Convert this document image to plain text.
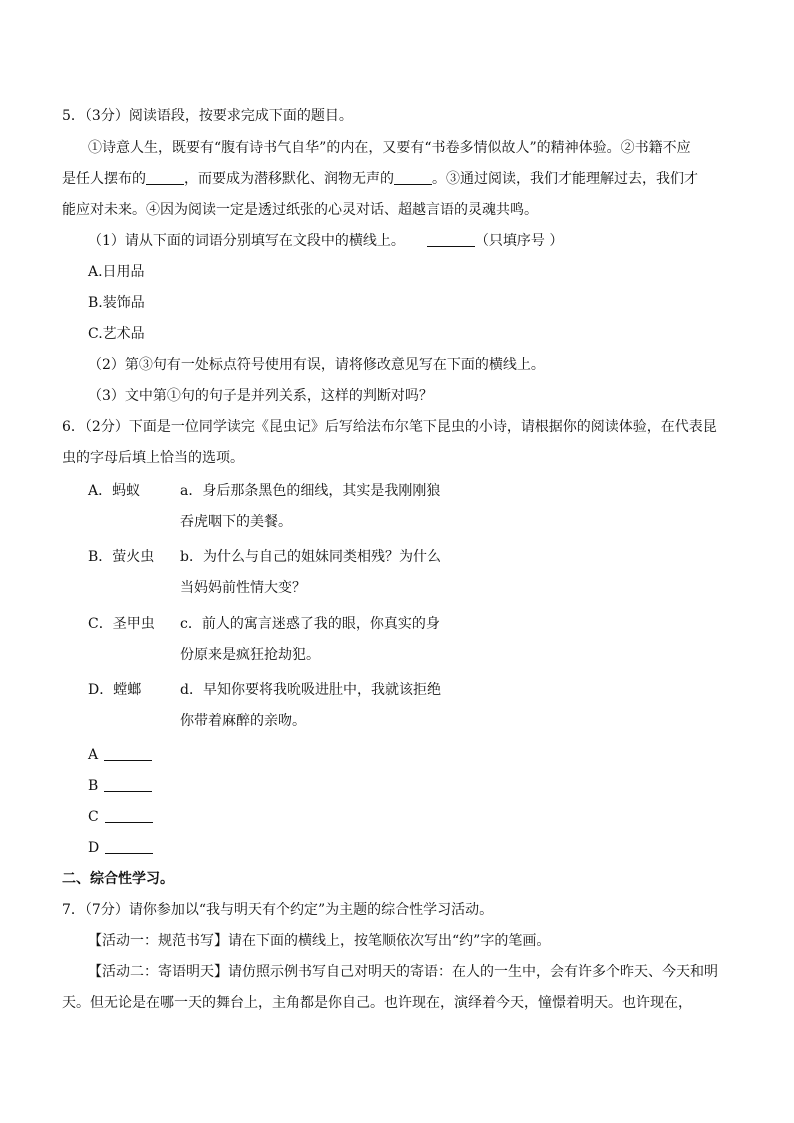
5．（3分）阅读语段，按要求完成下面的题目。
①诗意人生，既要有“腹有诗书气自华”的内在，又要有“书卷多情似故人”的精神体验。②书籍不应
是任人摆布的	，而要成为潜移默化、润物无声的	。③通过阅读，我们才能理解过去，我们才
能应对未来。④因为阅读一定是透过纸张的心灵对话、超越言语的灵魂共鸣。
（1）请从下面的词语分别填写在文段中的横线上。	（只填序号 ）
A.日用品
B.装饰品
C.艺术品
（2）第③句有一处标点符号使用有误，请将修改意见写在下面的横线上。
（3）文中第①句的句子是并列关系，这样的判断对吗？
6．（2分）下面是一位同学读完《昆虫记》后写给法布尔笔下昆虫的小诗，请根据你的阅读体验，在代表昆
虫的字母后填上恰当的选项。
A．蚂蚁	a．身后那条黑色的细线，其实是我刚刚狼
吞虎咽下的美餐。
B．萤火虫 b．为什么与自己的姐妹同类相残？为什么
当妈妈前性情大变？
C．圣甲虫 c．前人的寓言迷惑了我的眼，你真实的身
份原来是疯狂抢劫犯。
D．螳螂	d．早知你要将我吮吸进肚中，我就该拒绝
你带着麻醉的亲吻。
A
B
C
D
二、综合性学习。
7．（7分）请你参加以“我与明天有个约定”为主题的综合性学习活动。
【活动一：规范书写】请在下面的横线上，按笔顺依次写出“约”字的笔画。
【活动二：寄语明天】请仿照示例书写自己对明天的寄语：在人的一生中，会有许多个昨天、今天和明
天。但无论是在哪一天的舞台上，主角都是你自己。也许现在，演绎着今天，憧憬着明天。也许现在，
